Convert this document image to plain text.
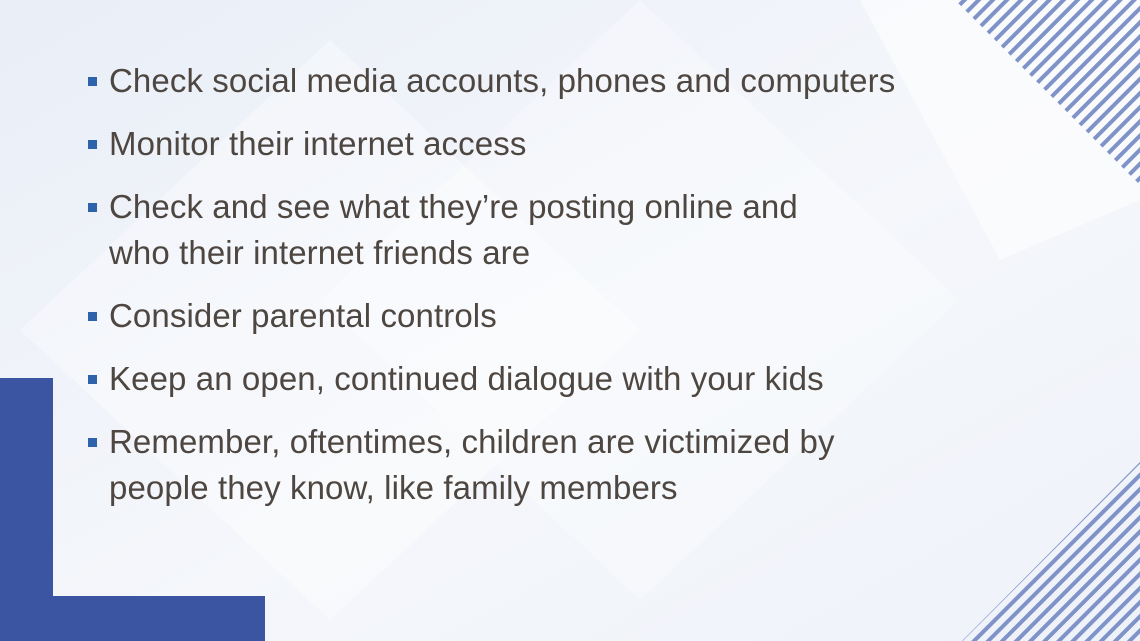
Check social media accounts, phones and computers
Monitor their internet access
Check and see what they’re posting online and who their internet friends are
Consider parental controls
Keep an open, continued dialogue with your kids
Remember, oftentimes, children are victimized by people they know, like family members
